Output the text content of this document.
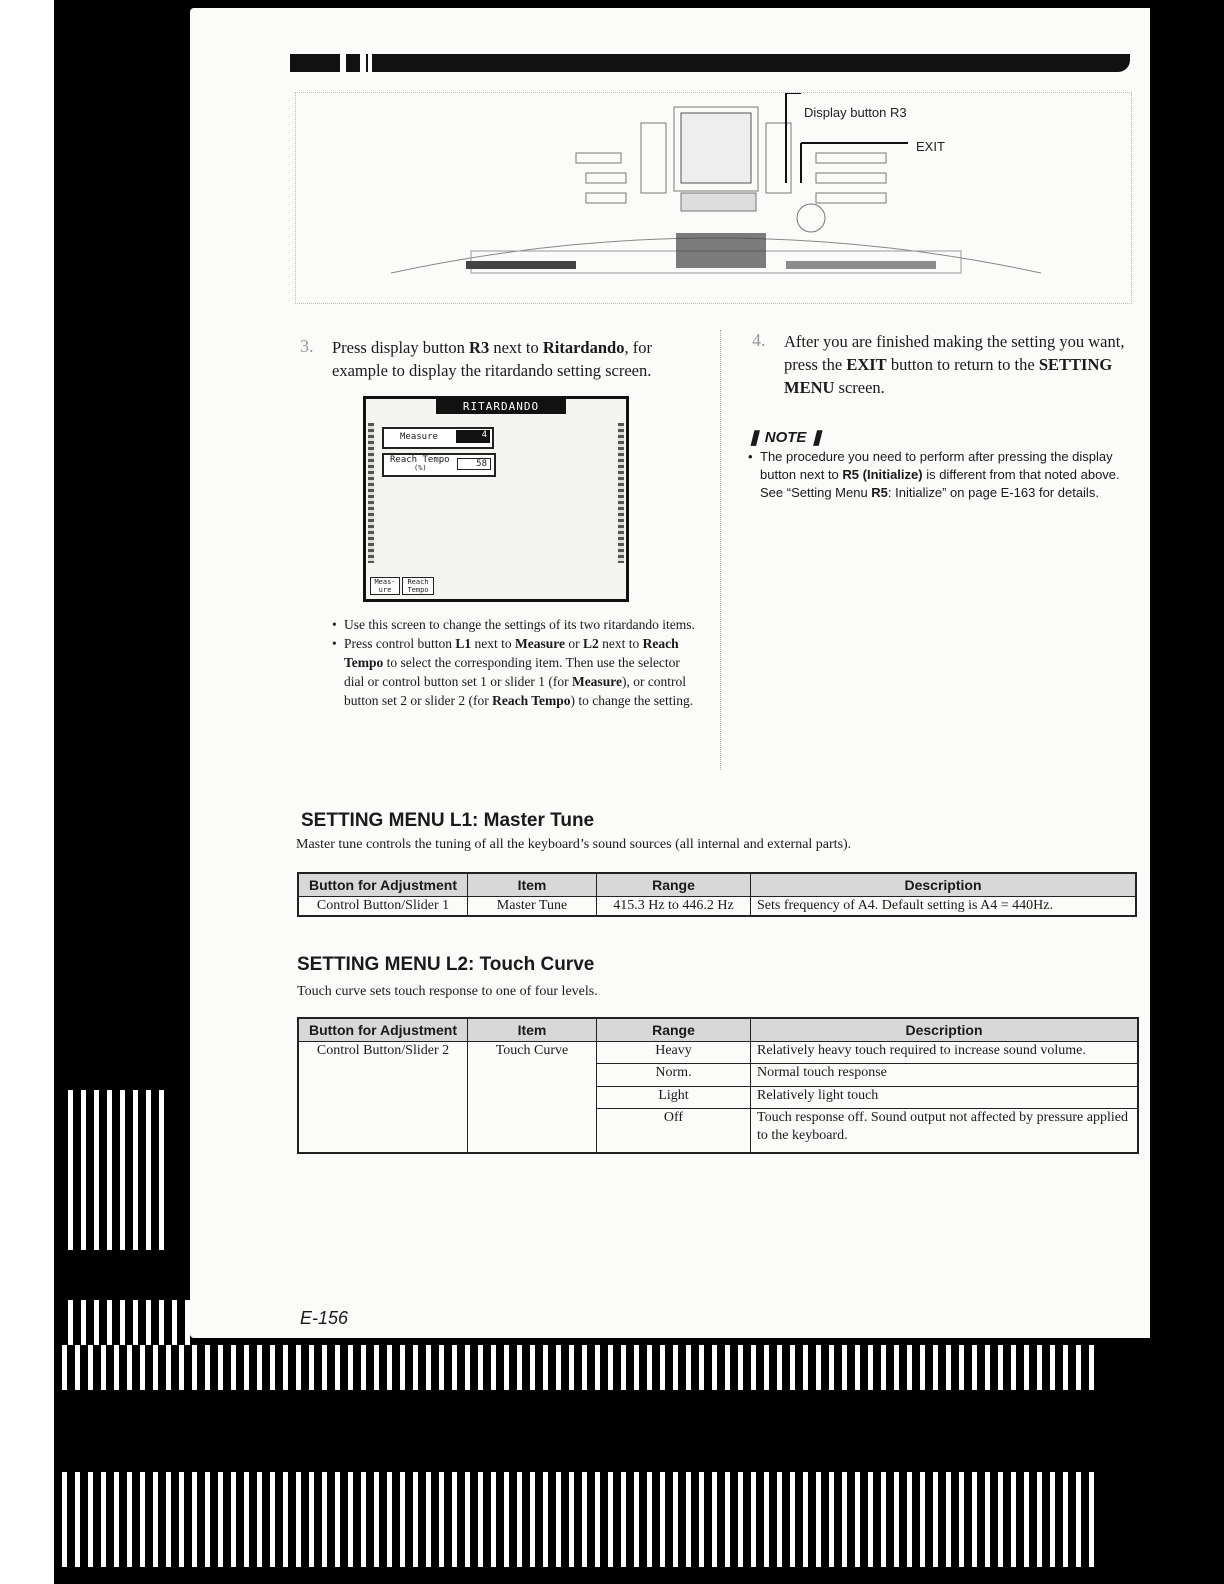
Display button R3
EXIT
3. Press display button R3 next to Ritardando, for example to display the ritardando setting screen.
RITARDANDO
Measure	4
Reach Tempo
(%)	58
Meas- ure
Reach Tempo
• Use this screen to change the settings of its two ritardando items.
• Press control button L1 next to Measure or L2 next to Reach Tempo to select the corresponding item. Then use the selector dial or control button set 1 or slider 1 (for Measure), or control button set 2 or slider 2 (for Reach Tempo) to change the setting.
4. After you are finished making the setting you want, press the EXIT button to return to the SETTING MENU screen.
❚ NOTE ❚
• The procedure you need to perform after pressing the display button next to R5 (Initialize) is different from that noted above. See “Setting Menu R5: Initialize” on page E-163 for details.
SETTING MENU L1: Master Tune
Master tune controls the tuning of all the keyboard’s sound sources (all internal and external parts).
Button for Adjustment	Item	Range	Description
Control Button/Slider 1	Master Tune	415.3 Hz to 446.2 Hz	Sets frequency of A4. Default setting is A4 = 440Hz.
SETTING MENU L2: Touch Curve
Touch curve sets touch response to one of four levels.
Button for Adjustment	Item	Range	Description
Control Button/Slider 2	Touch Curve	Heavy	Relatively heavy touch required to increase sound volume.
		Norm.	Normal touch response
		Light	Relatively light touch
		Off	Touch response off. Sound output not affected by pressure applied to the keyboard.
E-156
